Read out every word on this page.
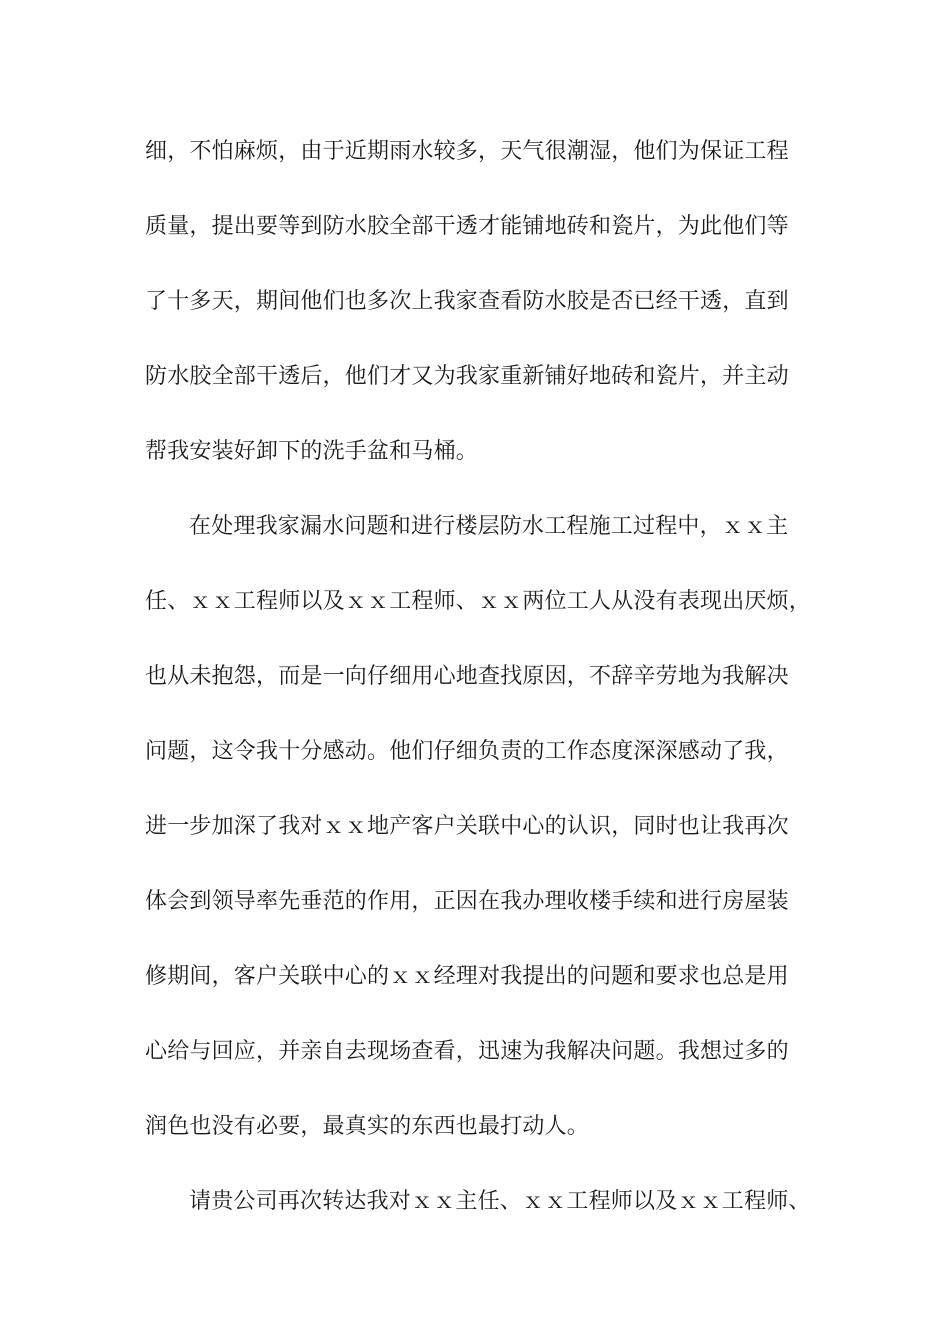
细，不怕麻烦，由于近期雨水较多，天气很潮湿，他们为保证工程
质量，提出要等到防水胶全部干透才能铺地砖和瓷片，为此他们等
了十多天，期间他们也多次上我家查看防水胶是否已经干透，直到
防水胶全部干透后，他们才又为我家重新铺好地砖和瓷片，并主动
帮我安装好卸下的洗手盆和马桶。
在处理我家漏水问题和进行楼层防水工程施工过程中，ｘｘ主
任、ｘｘ工程师以及ｘｘ工程师、ｘｘ两位工人从没有表现出厌烦，
也从未抱怨，而是一向仔细用心地查找原因，不辞辛劳地为我解决
问题，这令我十分感动。他们仔细负责的工作态度深深感动了我，
进一步加深了我对ｘｘ地产客户关联中心的认识，同时也让我再次
体会到领导率先垂范的作用，正因在我办理收楼手续和进行房屋装
修期间，客户关联中心的ｘｘ经理对我提出的问题和要求也总是用
心给与回应，并亲自去现场查看，迅速为我解决问题。我想过多的
润色也没有必要，最真实的东西也最打动人。
请贵公司再次转达我对ｘｘ主任、ｘｘ工程师以及ｘｘ工程师、
